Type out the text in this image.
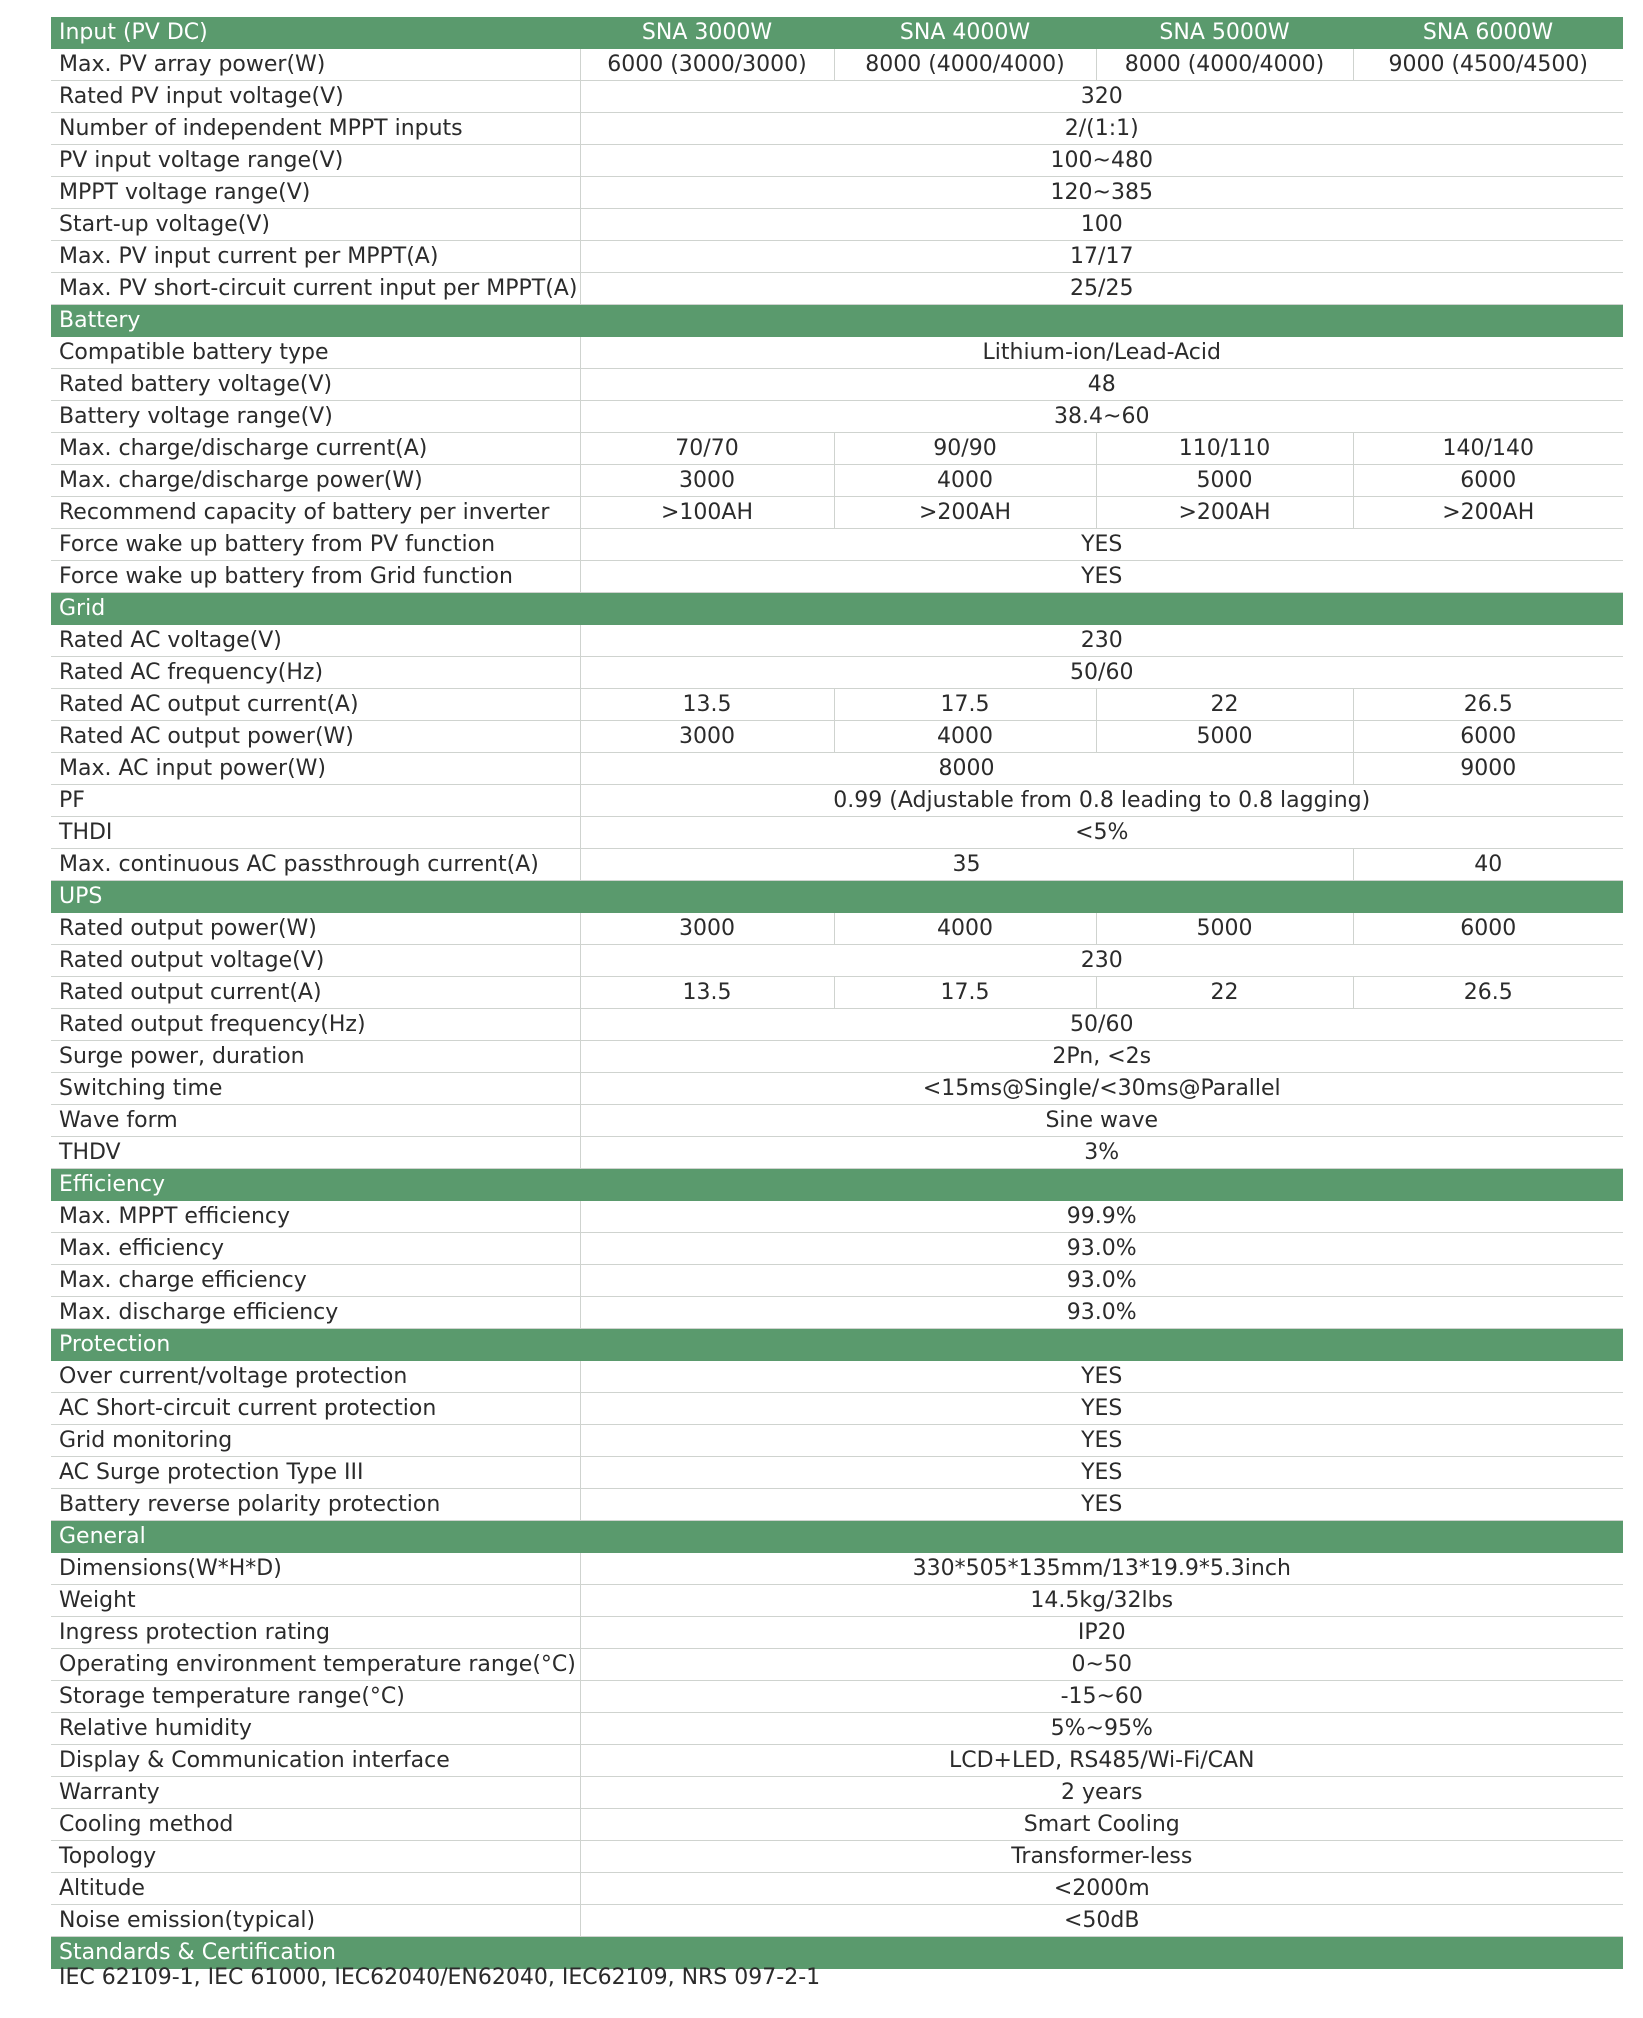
Input (PV DC)	SNA 3000W	SNA 4000W	SNA 5000W	SNA 6000W
Max. PV array power(W)	6000 (3000/3000)	8000 (4000/4000)	8000 (4000/4000)	9000 (4500/4500)
Rated PV input voltage(V)	320			
Number of independent MPPT inputs	2/(1:1)			
PV input voltage range(V)	100~480			
MPPT voltage range(V)	120~385			
Start-up voltage(V)	100			
Max. PV input current per MPPT(A)	17/17			
Max. PV short-circuit current input per MPPT(A)	25/25			
Battery				
Compatible battery type	Lithium-ion/Lead-Acid			
Rated battery voltage(V)	48			
Battery voltage range(V)	38.4~60			
Max. charge/discharge current(A)	70/70	90/90	110/110	140/140
Max. charge/discharge power(W)	3000	4000	5000	6000
Recommend capacity of battery per inverter	>100AH	>200AH	>200AH	>200AH
Force wake up battery from PV function	YES			
Force wake up battery from Grid function	YES			
Grid				
Rated AC voltage(V)	230			
Rated AC frequency(Hz)	50/60			
Rated AC output current(A)	13.5	17.5	22	26.5
Rated AC output power(W)	3000	4000	5000	6000
Max. AC input power(W)	8000			9000
PF	0.99 (Adjustable from 0.8 leading to 0.8 lagging)			
THDI	<5%			
Max. continuous AC passthrough current(A)	35			40
UPS				
Rated output power(W)	3000	4000	5000	6000
Rated output voltage(V)	230			
Rated output current(A)	13.5	17.5	22	26.5
Rated output frequency(Hz)	50/60			
Surge power, duration	2Pn, <2s			
Switching time	<15ms@Single/<30ms@Parallel			
Wave form	Sine wave			
THDV	3%			
Efficiency				
Max. MPPT efficiency	99.9%			
Max. efficiency	93.0%			
Max. charge efficiency	93.0%			
Max. discharge efficiency	93.0%			
Protection				
Over current/voltage protection	YES			
AC Short-circuit current protection	YES			
Grid monitoring	YES			
AC Surge protection Type III	YES			
Battery reverse polarity protection	YES			
General				
Dimensions(W*H*D)	330*505*135mm/13*19.9*5.3inch			
Weight	14.5kg/32lbs			
Ingress protection rating	IP20			
Operating environment temperature range(°C)	0~50			
Storage temperature range(°C)	-15~60			
Relative humidity	5%~95%			
Display & Communication interface	LCD+LED, RS485/Wi-Fi/CAN			
Warranty	2 years			
Cooling method	Smart Cooling			
Topology	Transformer-less			
Altitude	<2000m			
Noise emission(typical)	<50dB			
Standards & Certification				
IEC 62109-1, IEC 61000, IEC62040/EN62040, IEC62109, NRS 097-2-1
